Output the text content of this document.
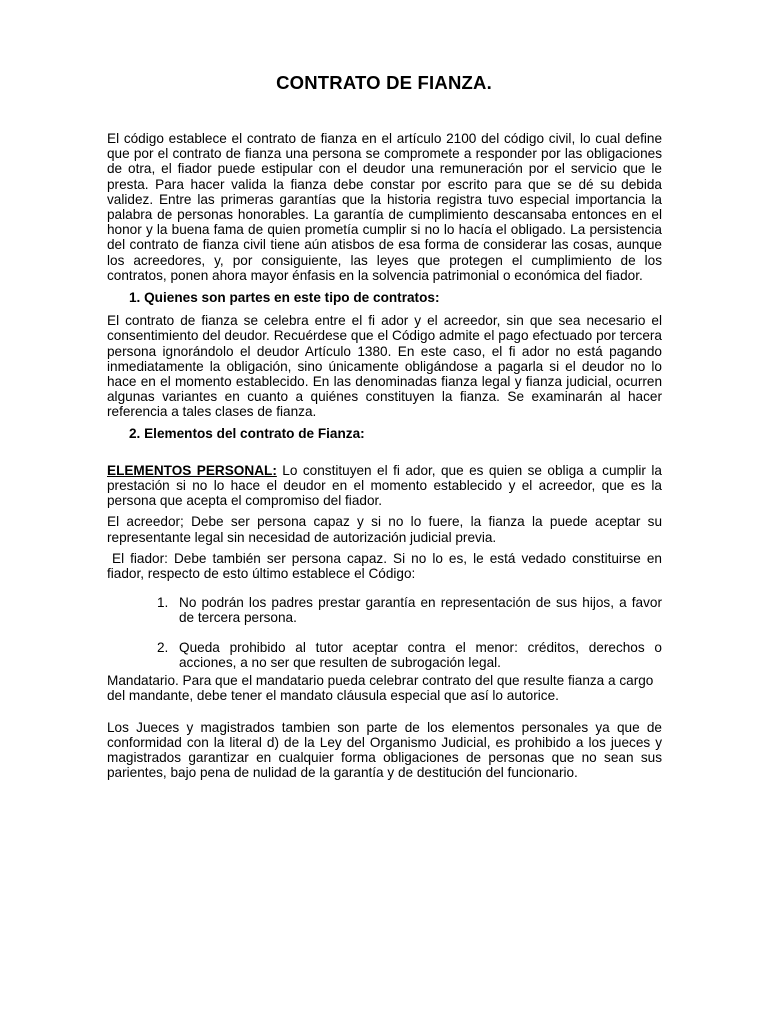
CONTRATO DE FIANZA.

El código establece el contrato de fianza en el artículo 2100 del código civil, lo cual define que por el contrato de fianza una persona se compromete a responder por las obligaciones de otra, el fiador puede estipular con el deudor una remuneración por el servicio que le presta. Para hacer valida la fianza debe constar por escrito para que se dé su debida validez. Entre las primeras garantías que la historia registra tuvo especial importancia la palabra de personas honorables. La garantía de cumplimiento descansaba entonces en el honor y la buena fama de quien prometía cumplir si no lo hacía el obligado. La persistencia del contrato de fianza civil tiene aún atisbos de esa forma de considerar las cosas, aunque los acreedores, y, por consiguiente, las leyes que protegen el cumplimiento de los contratos, ponen ahora mayor énfasis en la solvencia patrimonial o económica del fiador.

1. Quienes son partes en este tipo de contratos:

El contrato de fianza se celebra entre el fi ador y el acreedor, sin que sea necesario el consentimiento del deudor. Recuérdese que el Código admite el pago efectuado por tercera persona ignorándolo el deudor Artículo 1380. En este caso, el fi ador no está pagando inmediatamente la obligación, sino únicamente obligándose a pagarla si el deudor no lo hace en el momento establecido. En las denominadas fianza legal y fianza judicial, ocurren algunas variantes en cuanto a quiénes constituyen la fianza. Se examinarán al hacer referencia a tales clases de fianza.

2. Elementos del contrato de Fianza:

ELEMENTOS PERSONAL: Lo constituyen el fi ador, que es quien se obliga a cumplir la prestación si no lo hace el deudor en el momento establecido y el acreedor, que es la persona que acepta el compromiso del fiador.

El acreedor; Debe ser persona capaz y si no lo fuere, la fianza la puede aceptar su representante legal sin necesidad de autorización judicial previa.

El fiador: Debe también ser persona capaz. Si no lo es, le está vedado constituirse en fiador, respecto de esto último establece el Código:

1. No podrán los padres prestar garantía en representación de sus hijos, a favor de tercera persona.
2. Queda prohibido al tutor aceptar contra el menor: créditos, derechos o acciones, a no ser que resulten de subrogación legal.

Mandatario. Para que el mandatario pueda celebrar contrato del que resulte fianza a cargo del mandante, debe tener el mandato cláusula especial que así lo autorice.

Los Jueces y magistrados tambien son parte de los elementos personales ya que de conformidad con la literal d) de la Ley del Organismo Judicial, es prohibido a los jueces y magistrados garantizar en cualquier forma obligaciones de personas que no sean sus parientes, bajo pena de nulidad de la garantía y de destitución del funcionario.
